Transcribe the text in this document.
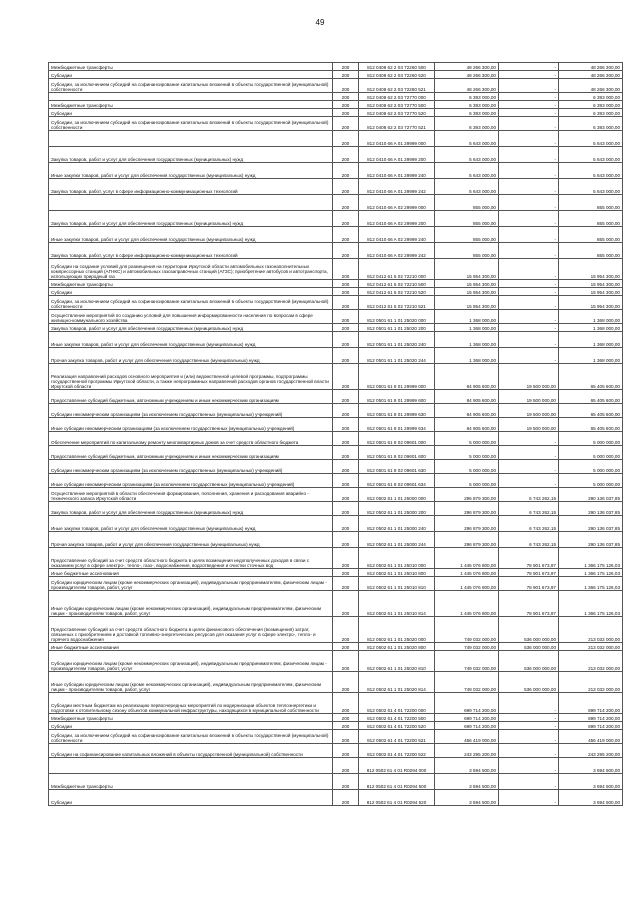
49
Межбюджетные трансферты	200	812 0408 62 2 03 72260 500	48 266 300,00	-	48 266 300,00
Субсидии	200	812 0408 62 2 03 72260 520	48 266 300,00	-	48 266 300,00
Субсидии, за исключением субсидий на софинансирование капитальных вложений в объекты государственной (муниципальной) собственности	200	812 0408 62 2 03 72260 521	48 266 300,00	-	48 266 300,00
	200	812 0408 62 2 03 72770 000	6 393 000,00	-	6 393 000,00
Межбюджетные трансферты	200	812 0408 62 2 03 72770 500	6 393 000,00	-	6 393 000,00
Субсидии	200	812 0408 62 2 03 72770 520	6 393 000,00	-	6 393 000,00
Субсидии, за исключением субсидий на софинансирование капитальных вложений в объекты государственной (муниципальной) собственности	200	812 0408 62 2 03 72770 521	6 393 000,00	-	6 393 000,00
	200	812 0410 66 A 01 29999 000	5 643 000,00	-	5 643 000,00
Закупка товаров, работ и услуг для обеспечения государственных (муниципальных) нужд	200	812 0410 66 A 01 29999 200	5 643 000,00	-	5 643 000,00
Иные закупки товаров, работ и услуг для обеспечения государственных (муниципальных) нужд	200	812 0410 66 A 01 29999 240	5 643 000,00	-	5 643 000,00
Закупка товаров, работ, услуг в сфере информационно-коммуникационных технологий	200	812 0410 66 A 01 29999 242	5 643 000,00	-	5 643 000,00
	200	812 0410 66 A 02 29999 000	855 000,00	-	855 000,00
Закупка товаров, работ и услуг для обеспечения государственных (муниципальных) нужд	200	812 0410 66 A 02 29999 200	855 000,00	-	855 000,00
Иные закупки товаров, работ и услуг для обеспечения государственных (муниципальных) нужд	200	812 0410 66 A 02 29999 240	855 000,00	-	855 000,00
Закупка товаров, работ, услуг в сфере информационно-коммуникационных технологий	200	812 0410 66 A 02 29999 242	855 000,00	-	855 000,00
Субсидии на создание условий для размещения на территории Иркутской области автомобильных газонаполнительных компрессорных станций (АГНКС) и автомобильных газозаправочных станций (АГЗС); приобретение автобусов и автотранспорта, использующих природный газ	200	812 0412 61 5 02 72210 000	15 954 300,00	-	15 954 300,00
Межбюджетные трансферты	200	812 0412 61 5 02 72210 500	15 954 300,00	-	15 954 300,00
Субсидии	200	812 0412 61 5 02 72210 520	15 954 300,00	-	15 954 300,00
Субсидии, за исключением субсидий на софинансирование капитальных вложений в объекты государственной (муниципальной) собственности	200	812 0412 61 5 02 72210 521	15 954 300,00	-	15 954 300,00
Осуществление мероприятий по созданию условий для повышения информированности населения по вопросам в сфере жилищно-коммунального хозяйства	200	812 0501 61 1 01 25020 000	1 368 000,00	-	1 368 000,00
Закупка товаров, работ и услуг для обеспечения государственных (муниципальных) нужд	200	812 0501 61 1 01 25020 200	1 368 000,00	-	1 368 000,00
Иные закупки товаров, работ и услуг для обеспечения государственных (муниципальных) нужд	200	812 0501 61 1 01 25020 240	1 368 000,00	-	1 368 000,00
Прочая закупка товаров, работ и услуг для обеспечения государственных (муниципальных) нужд	200	812 0501 61 1 01 25020 244	1 368 000,00	-	1 368 000,00
Реализация направлений расходов основного мероприятия и (или) ведомственной целевой программы, подпрограммы государственной программы Иркутской области, а также непрограммных направлений расходов органов государственной власти Иркутской области	200	812 0501 61 8 01 29999 000	84 905 600,00	19 500 000,00	65 405 600,00
Предоставление субсидий бюджетным, автономным учреждениям и иным некоммерческим организациям	200	812 0501 61 8 01 29999 600	84 905 600,00	19 500 000,00	65 405 600,00
Субсидии некоммерческим организациям (за исключением государственных (муниципальных) учреждений)	200	812 0501 61 8 01 29999 630	84 905 600,00	19 500 000,00	65 405 600,00
Иные субсидии некоммерческим организациям (за исключением государственных (муниципальных) учреждений)	200	812 0501 61 8 01 29999 634	84 905 600,00	19 500 000,00	65 405 600,00
Обеспечение мероприятий по капитальному ремонту многоквартирных домов за счет средств областного бюджета	200	812 0501 61 8 02 09601 000	5 000 000,00	-	5 000 000,00
Предоставление субсидий бюджетным, автономным учреждениям и иным некоммерческим организациям	200	812 0501 61 8 02 09601 600	5 000 000,00	-	5 000 000,00
Субсидии некоммерческим организациям (за исключением государственных (муниципальных) учреждений)	200	812 0501 61 8 02 09601 630	5 000 000,00	-	5 000 000,00
Иные субсидии некоммерческим организациям (за исключением государственных (муниципальных) учреждений)	200	812 0501 61 8 02 09601 634	5 000 000,00	-	5 000 000,00
Осуществление мероприятий в области обеспечения формирования, пополнения, хранения и расходования аварийно - технического запаса Иркутской области	200	812 0502 61 1 01 25000 000	296 879 300,00	6 743 262,15	290 136 037,85
Закупка товаров, работ и услуг для обеспечения государственных (муниципальных) нужд	200	812 0502 61 1 01 25000 200	296 879 300,00	6 743 262,15	290 136 037,85
Иные закупки товаров, работ и услуг для обеспечения государственных (муниципальных) нужд	200	812 0502 61 1 01 25000 240	296 879 300,00	6 743 262,15	290 136 037,85
Прочая закупка товаров, работ и услуг для обеспечения государственных (муниципальных) нужд	200	812 0502 61 1 01 25000 244	296 879 300,00	6 743 262,15	290 136 037,85
Предоставление субсидий за счет средств областного бюджета в целях возмещения недополученных доходов в связи с оказанием услуг в сфере электро-, тепло-, газо-, водоснабжения, водоотведения и очистки сточных вод	200	812 0502 61 1 01 25010 000	1 445 076 800,00	78 901 673,97	1 366 175 126,03
Иные бюджетные ассигнования	200	812 0502 61 1 01 25010 800	1 445 076 800,00	78 901 673,97	1 366 175 126,03
Субсидии юридическим лицам (кроме некоммерческих организаций), индивидуальным предпринимателям, физическим лицам - производителям товаров, работ, услуг	200	812 0502 61 1 01 25010 810	1 445 076 800,00	78 901 673,97	1 366 175 126,03
Иные субсидии юридическим лицам (кроме некоммерческих организаций), индивидуальным предпринимателям, физическим лицам - производителям товаров, работ, услуг	200	812 0502 61 1 01 25010 814	1 445 076 800,00	78 901 673,97	1 366 175 126,03
Предоставление субсидий за счет средств областного бюджета в целях финансового обеспечения (возмещения) затрат, связанных с приобретением и доставкой топливно-энергетических ресурсов для оказания услуг в сфере электро-, тепло- и горячего водоснабжения	200	812 0502 61 1 01 25020 000	749 032 000,00	536 000 000,00	213 032 000,00
Иные бюджетные ассигнования	200	812 0502 61 1 01 25020 800	749 032 000,00	536 000 000,00	213 032 000,00
Субсидии юридическим лицам (кроме некоммерческих организаций), индивидуальным предпринимателям, физическим лицам - производителям товаров, работ, услуг	200	812 0502 61 1 01 25020 810	749 032 000,00	536 000 000,00	213 032 000,00
Иные субсидии юридическим лицам (кроме некоммерческих организаций), индивидуальным предпринимателям, физическим лицам - производителям товаров, работ, услуг	200	812 0502 61 1 01 25020 814	749 032 000,00	536 000 000,00	213 032 000,00
Субсидии местным бюджетам на реализацию первоочередных мероприятий по модернизации объектов теплоэнергетики и подготовке к отопительному сезону объектов коммунальной инфраструктуры, находящихся в муниципальной собственности	200	812 0502 61 4 01 72200 000	699 714 200,00	-	699 714 200,00
Межбюджетные трансферты	200	812 0502 61 4 01 72200 500	699 714 200,00	-	699 714 200,00
Субсидии	200	812 0502 61 4 01 72200 520	699 714 200,00	-	699 714 200,00
Субсидии, за исключением субсидий на софинансирование капитальных вложений в объекты государственной (муниципальной) собственности	200	812 0502 61 4 01 72200 521	456 419 000,00	-	456 419 000,00
Субсидии на софинансирование капитальных вложений в объекты государственной (муниципальной) собственности	200	812 0502 61 4 01 72200 522	243 295 200,00	-	243 295 200,00
	200	812 0502 61 4 01 R0294 000	3 694 500,00	-	3 694 500,00
Межбюджетные трансферты	200	812 0502 61 4 01 R0294 500	3 694 500,00	-	3 694 500,00
Субсидии	200	812 0502 61 4 01 R0294 520	3 694 500,00	-	3 694 500,00
